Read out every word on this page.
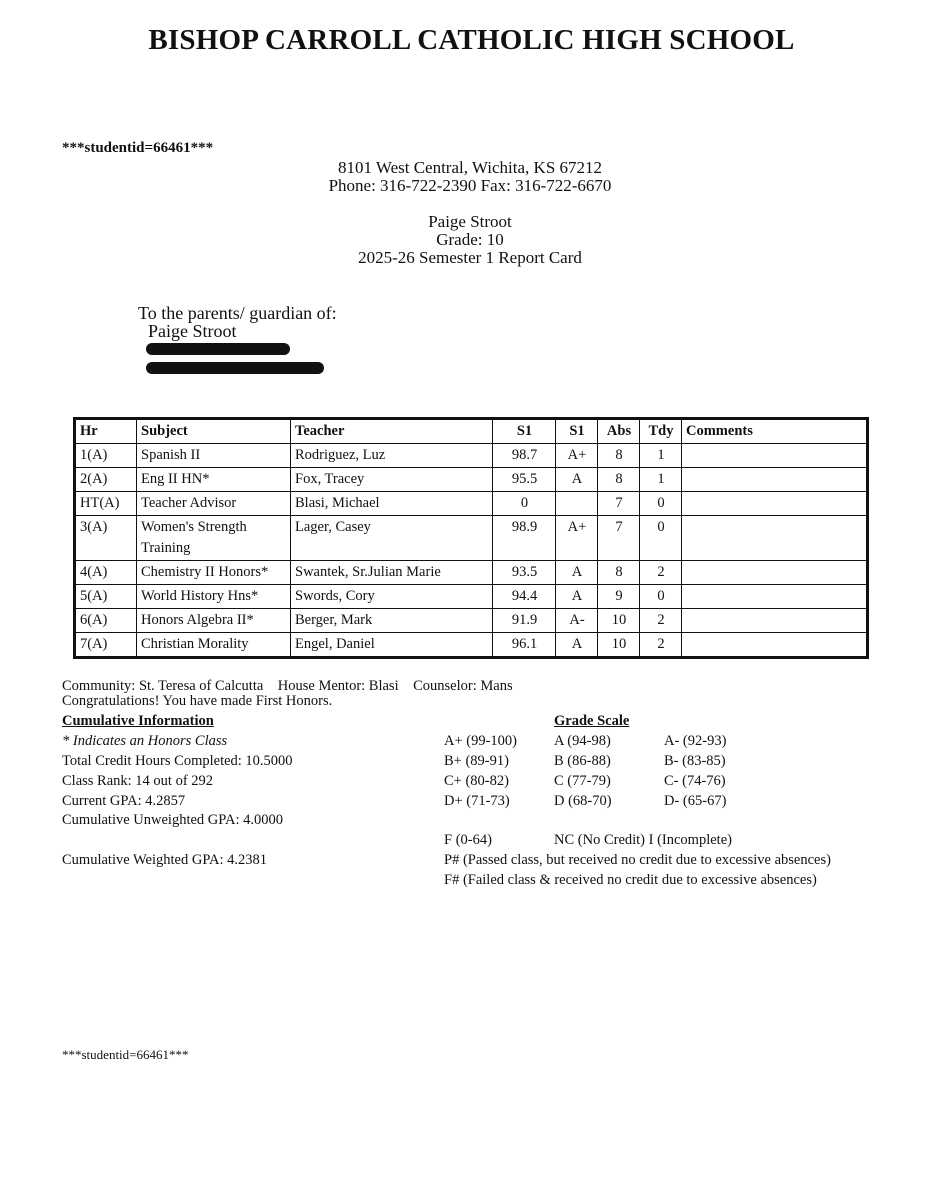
BISHOP CARROLL CATHOLIC HIGH SCHOOL
***studentid=66461***
8101 West Central, Wichita, KS 67212
Phone: 316-722-2390 Fax: 316-722-6670
Paige Stroot
Grade: 10
2025-26 Semester 1 Report Card
To the parents/ guardian of:
Paige Stroot
Hr	Subject	Teacher	S1	S1	Abs	Tdy	Comments
1(A)	Spanish II	Rodriguez, Luz	98.7	A+	8	1	
2(A)	Eng II HN*	Fox, Tracey	95.5	A	8	1	
HT(A)	Teacher Advisor	Blasi, Michael	0		7	0	
3(A)	Women's Strength Training	Lager, Casey	98.9	A+	7	0	
4(A)	Chemistry II Honors*	Swantek, Sr.Julian Marie	93.5	A	8	2	
5(A)	World History Hns*	Swords, Cory	94.4	A	9	0	
6(A)	Honors Algebra II*	Berger, Mark	91.9	A-	10	2	
7(A)	Christian Morality	Engel, Daniel	96.1	A	10	2	
Community: St. Teresa of Calcutta    House Mentor: Blasi    Counselor: Mans
Congratulations! You have made First Honors.
Cumulative Information
* Indicates an Honors Class
Total Credit Hours Completed: 10.5000
Class Rank: 14 out of 292
Current GPA: 4.2857
Cumulative Unweighted GPA: 4.0000
Cumulative Weighted GPA: 4.2381
Grade Scale
A+ (99-100)	A (94-98)	A- (92-93)
B+ (89-91)	B (86-88)	B- (83-85)
C+ (80-82)	C (77-79)	C- (74-76)
D+ (71-73)	D (68-70)	D- (65-67)
F (0-64)	NC (No Credit) I (Incomplete)
P# (Passed class, but received no credit due to excessive absences)
F# (Failed class & received no credit due to excessive absences)
***studentid=66461***
